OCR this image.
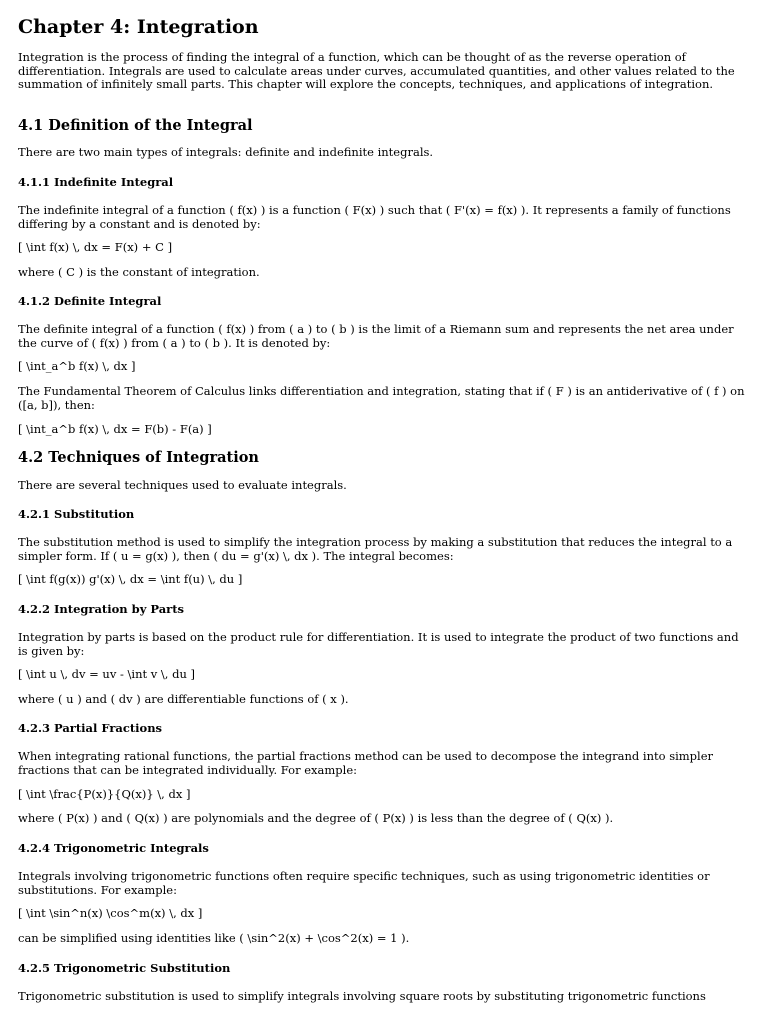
Chapter 4: Integration

Integration is the process of finding the integral of a function, which can be thought of as the reverse operation of differentiation. Integrals are used to calculate areas under curves, accumulated quantities, and other values related to the summation of infinitely small parts. This chapter will explore the concepts, techniques, and applications of integration.

4.1 Definition of the Integral

There are two main types of integrals: definite and indefinite integrals.

4.1.1 Indefinite Integral

The indefinite integral of a function ( f(x) ) is a function ( F(x) ) such that ( F'(x) = f(x) ). It represents a family of functions differing by a constant and is denoted by:

[ \int f(x) \, dx = F(x) + C ]

where ( C ) is the constant of integration.

4.1.2 Definite Integral

The definite integral of a function ( f(x) ) from ( a ) to ( b ) is the limit of a Riemann sum and represents the net area under the curve of ( f(x) ) from ( a ) to ( b ). It is denoted by:

[ \int_a^b f(x) \, dx ]

The Fundamental Theorem of Calculus links differentiation and integration, stating that if ( F ) is an antiderivative of ( f ) on ([a, b]), then:

[ \int_a^b f(x) \, dx = F(b) - F(a) ]

4.2 Techniques of Integration

There are several techniques used to evaluate integrals.

4.2.1 Substitution

The substitution method is used to simplify the integration process by making a substitution that reduces the integral to a simpler form. If ( u = g(x) ), then ( du = g'(x) \, dx ). The integral becomes:

[ \int f(g(x)) g'(x) \, dx = \int f(u) \, du ]

4.2.2 Integration by Parts

Integration by parts is based on the product rule for differentiation. It is used to integrate the product of two functions and is given by:

[ \int u \, dv = uv - \int v \, du ]

where ( u ) and ( dv ) are differentiable functions of ( x ).

4.2.3 Partial Fractions

When integrating rational functions, the partial fractions method can be used to decompose the integrand into simpler fractions that can be integrated individually. For example:

[ \int \frac{P(x)}{Q(x)} \, dx ]

where ( P(x) ) and ( Q(x) ) are polynomials and the degree of ( P(x) ) is less than the degree of ( Q(x) ).

4.2.4 Trigonometric Integrals

Integrals involving trigonometric functions often require specific techniques, such as using trigonometric identities or substitutions. For example:

[ \int \sin^n(x) \cos^m(x) \, dx ]

can be simplified using identities like ( \sin^2(x) + \cos^2(x) = 1 ).

4.2.5 Trigonometric Substitution

Trigonometric substitution is used to simplify integrals involving square roots by substituting trigonometric functions
